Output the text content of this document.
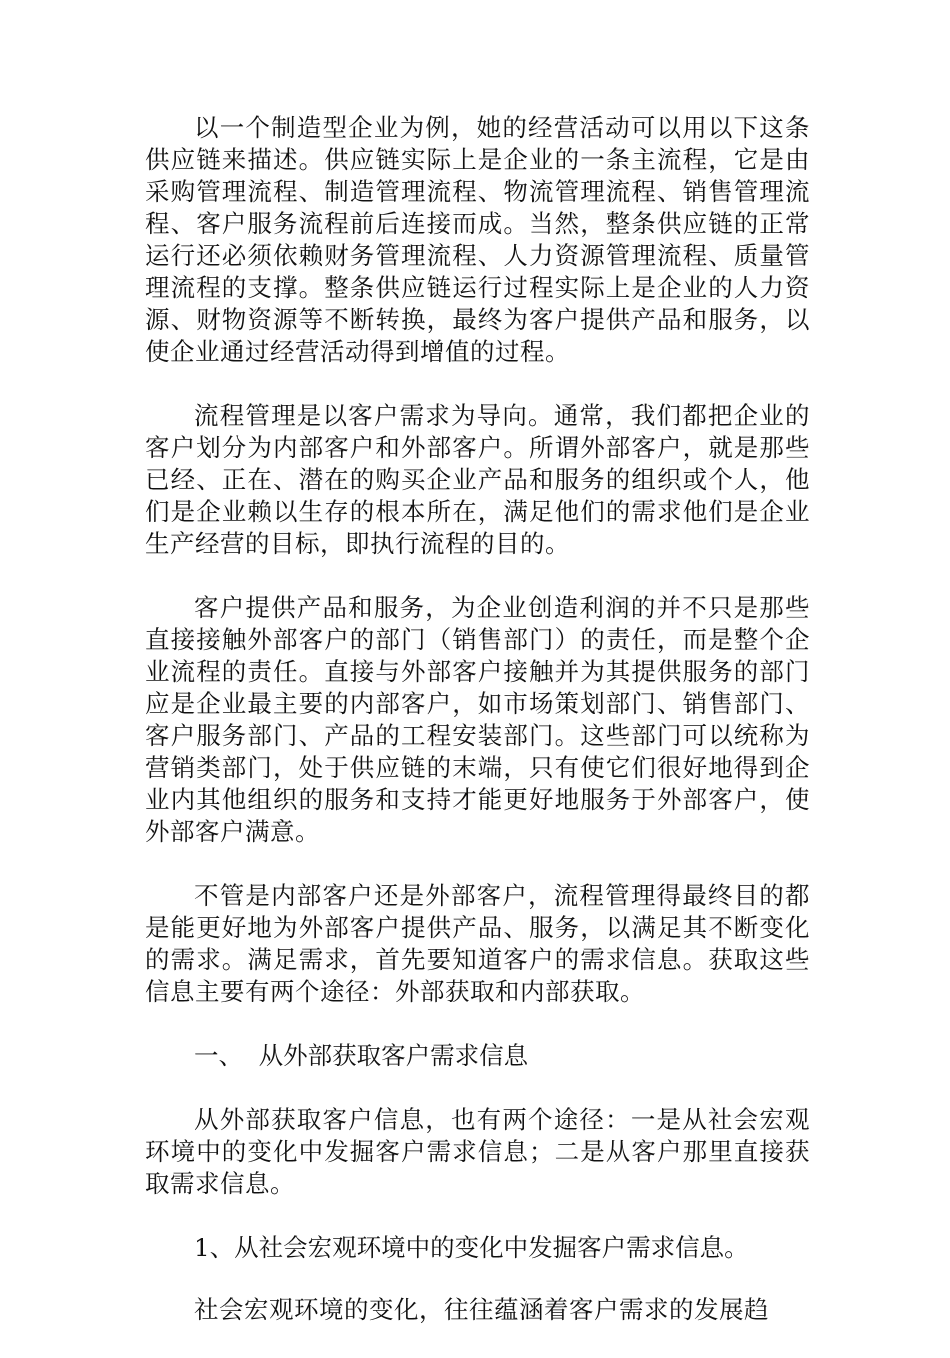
以一个制造型企业为例，她的经营活动可以用以下这条供应链来描述。供应链实际上是企业的一条主流程，它是由采购管理流程、制造管理流程、物流管理流程、销售管理流程、客户服务流程前后连接而成。当然，整条供应链的正常运行还必须依赖财务管理流程、人力资源管理流程、质量管理流程的支撑。整条供应链运行过程实际上是企业的人力资源、财物资源等不断转换，最终为客户提供产品和服务，以使企业通过经营活动得到增值的过程。

流程管理是以客户需求为导向。通常，我们都把企业的客户划分为内部客户和外部客户。所谓外部客户，就是那些已经、正在、潜在的购买企业产品和服务的组织或个人，他们是企业赖以生存的根本所在，满足他们的需求他们是企业生产经营的目标，即执行流程的目的。

客户提供产品和服务，为企业创造利润的并不只是那些直接接触外部客户的部门（销售部门）的责任，而是整个企业流程的责任。直接与外部客户接触并为其提供服务的部门应是企业最主要的内部客户，如市场策划部门、销售部门、客户服务部门、产品的工程安装部门。这些部门可以统称为营销类部门，处于供应链的末端，只有使它们很好地得到企业内其他组织的服务和支持才能更好地服务于外部客户，使外部客户满意。

不管是内部客户还是外部客户，流程管理得最终目的都是能更好地为外部客户提供产品、服务，以满足其不断变化的需求。满足需求，首先要知道客户的需求信息。获取这些信息主要有两个途径：外部获取和内部获取。

一、  从外部获取客户需求信息

从外部获取客户信息，也有两个途径：一是从社会宏观环境中的变化中发掘客户需求信息；二是从客户那里直接获取需求信息。

1、从社会宏观环境中的变化中发掘客户需求信息。

社会宏观环境的变化，往往蕴涵着客户需求的发展趋
